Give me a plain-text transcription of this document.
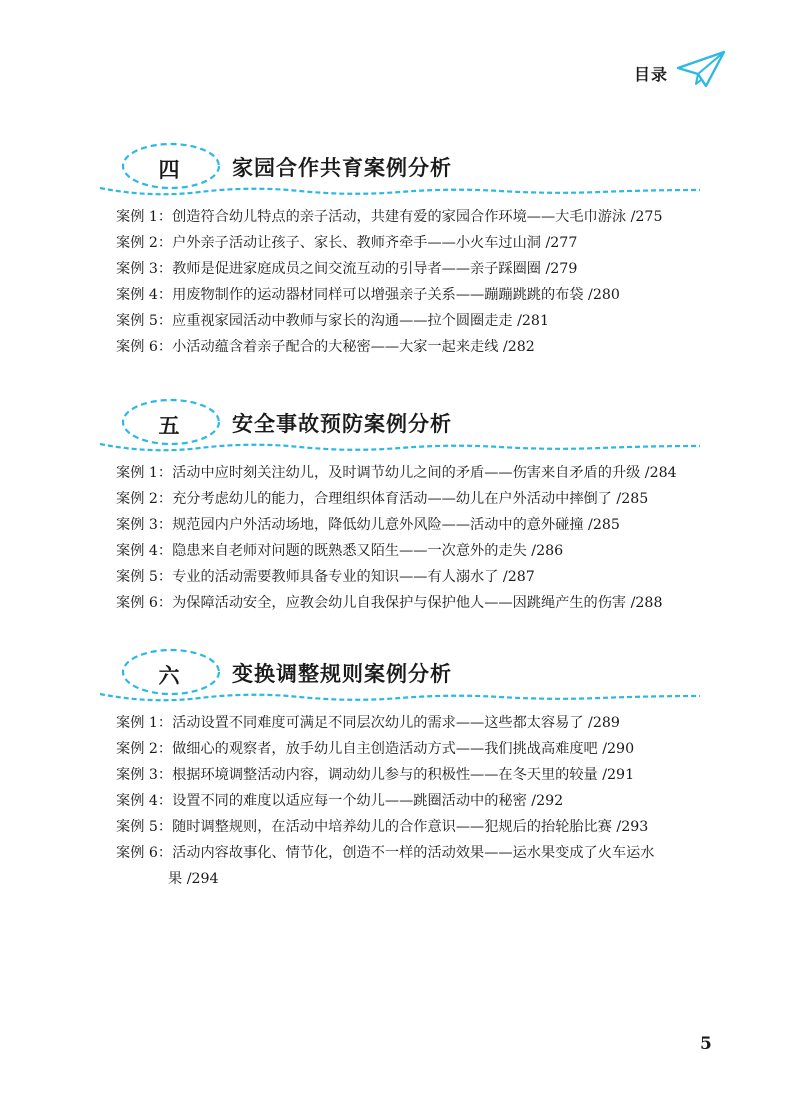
目录
四	家园合作共育案例分析
案例 1：创造符合幼儿特点的亲子活动，共建有爱的家园合作环境——大毛巾游泳 /275
案例 2：户外亲子活动让孩子、家长、教师齐牵手——小火车过山洞 /277
案例 3：教师是促进家庭成员之间交流互动的引导者——亲子踩圈圈 /279
案例 4：用废物制作的运动器材同样可以增强亲子关系——蹦蹦跳跳的布袋 /280
案例 5：应重视家园活动中教师与家长的沟通——拉个圆圈走走 /281
案例 6：小活动蕴含着亲子配合的大秘密——大家一起来走线 /282
五	安全事故预防案例分析
案例 1：活动中应时刻关注幼儿，及时调节幼儿之间的矛盾——伤害来自矛盾的升级 /284
案例 2：充分考虑幼儿的能力，合理组织体育活动——幼儿在户外活动中摔倒了 /285
案例 3：规范园内户外活动场地，降低幼儿意外风险——活动中的意外碰撞 /285
案例 4：隐患来自老师对问题的既熟悉又陌生——一次意外的走失 /286
案例 5：专业的活动需要教师具备专业的知识——有人溺水了 /287
案例 6：为保障活动安全，应教会幼儿自我保护与保护他人——因跳绳产生的伤害 /288
六	变换调整规则案例分析
案例 1：活动设置不同难度可满足不同层次幼儿的需求——这些都太容易了 /289
案例 2：做细心的观察者，放手幼儿自主创造活动方式——我们挑战高难度吧 /290
案例 3：根据环境调整活动内容，调动幼儿参与的积极性——在冬天里的较量 /291
案例 4：设置不同的难度以适应每一个幼儿——跳圈活动中的秘密 /292
案例 5：随时调整规则，在活动中培养幼儿的合作意识——犯规后的抬轮胎比赛 /293
案例 6：活动内容故事化、情节化，创造不一样的活动效果——运水果变成了火车运水
果 /294
5
